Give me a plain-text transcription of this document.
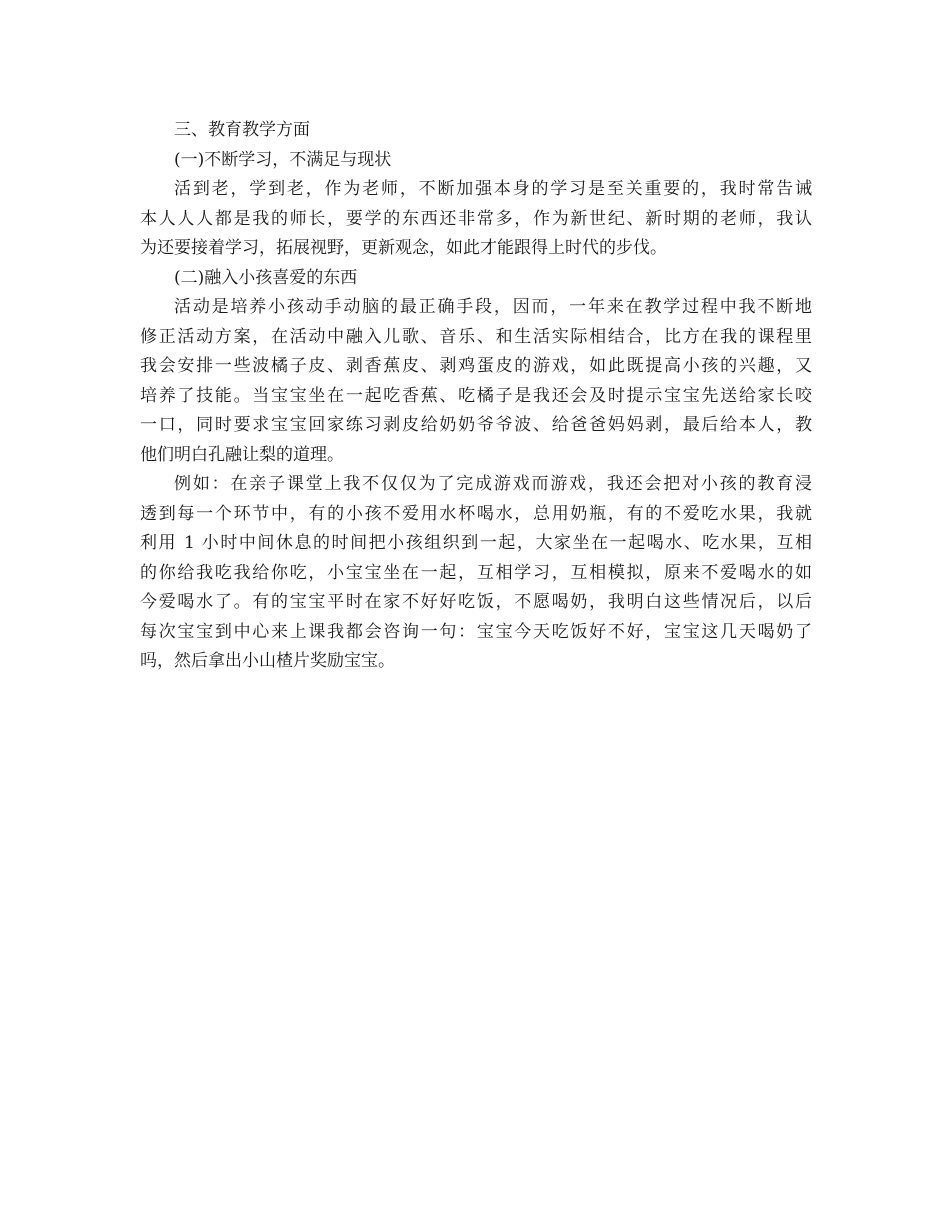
三、教育教学方面
(一)不断学习，不满足与现状
活到老，学到老，作为老师，不断加强本身的学习是至关重要的，我时常告诫
本人人人都是我的师长，要学的东西还非常多，作为新世纪、新时期的老师，我认
为还要接着学习，拓展视野，更新观念，如此才能跟得上时代的步伐。
(二)融入小孩喜爱的东西
活动是培养小孩动手动脑的最正确手段，因而，一年来在教学过程中我不断地
修正活动方案，在活动中融入儿歌、音乐、和生活实际相结合，比方在我的课程里
我会安排一些波橘子皮、剥香蕉皮、剥鸡蛋皮的游戏，如此既提高小孩的兴趣，又
培养了技能。当宝宝坐在一起吃香蕉、吃橘子是我还会及时提示宝宝先送给家长咬
一口，同时要求宝宝回家练习剥皮给奶奶爷爷波、给爸爸妈妈剥，最后给本人，教
他们明白孔融让梨的道理。
例如：在亲子课堂上我不仅仅为了完成游戏而游戏，我还会把对小孩的教育浸
透到每一个环节中，有的小孩不爱用水杯喝水，总用奶瓶，有的不爱吃水果，我就
利用 1 小时中间休息的时间把小孩组织到一起，大家坐在一起喝水、吃水果，互相
的你给我吃我给你吃，小宝宝坐在一起，互相学习，互相模拟，原来不爱喝水的如
今爱喝水了。有的宝宝平时在家不好好吃饭，不愿喝奶，我明白这些情况后，以后
每次宝宝到中心来上课我都会咨询一句：宝宝今天吃饭好不好，宝宝这几天喝奶了
吗，然后拿出小山楂片奖励宝宝。
